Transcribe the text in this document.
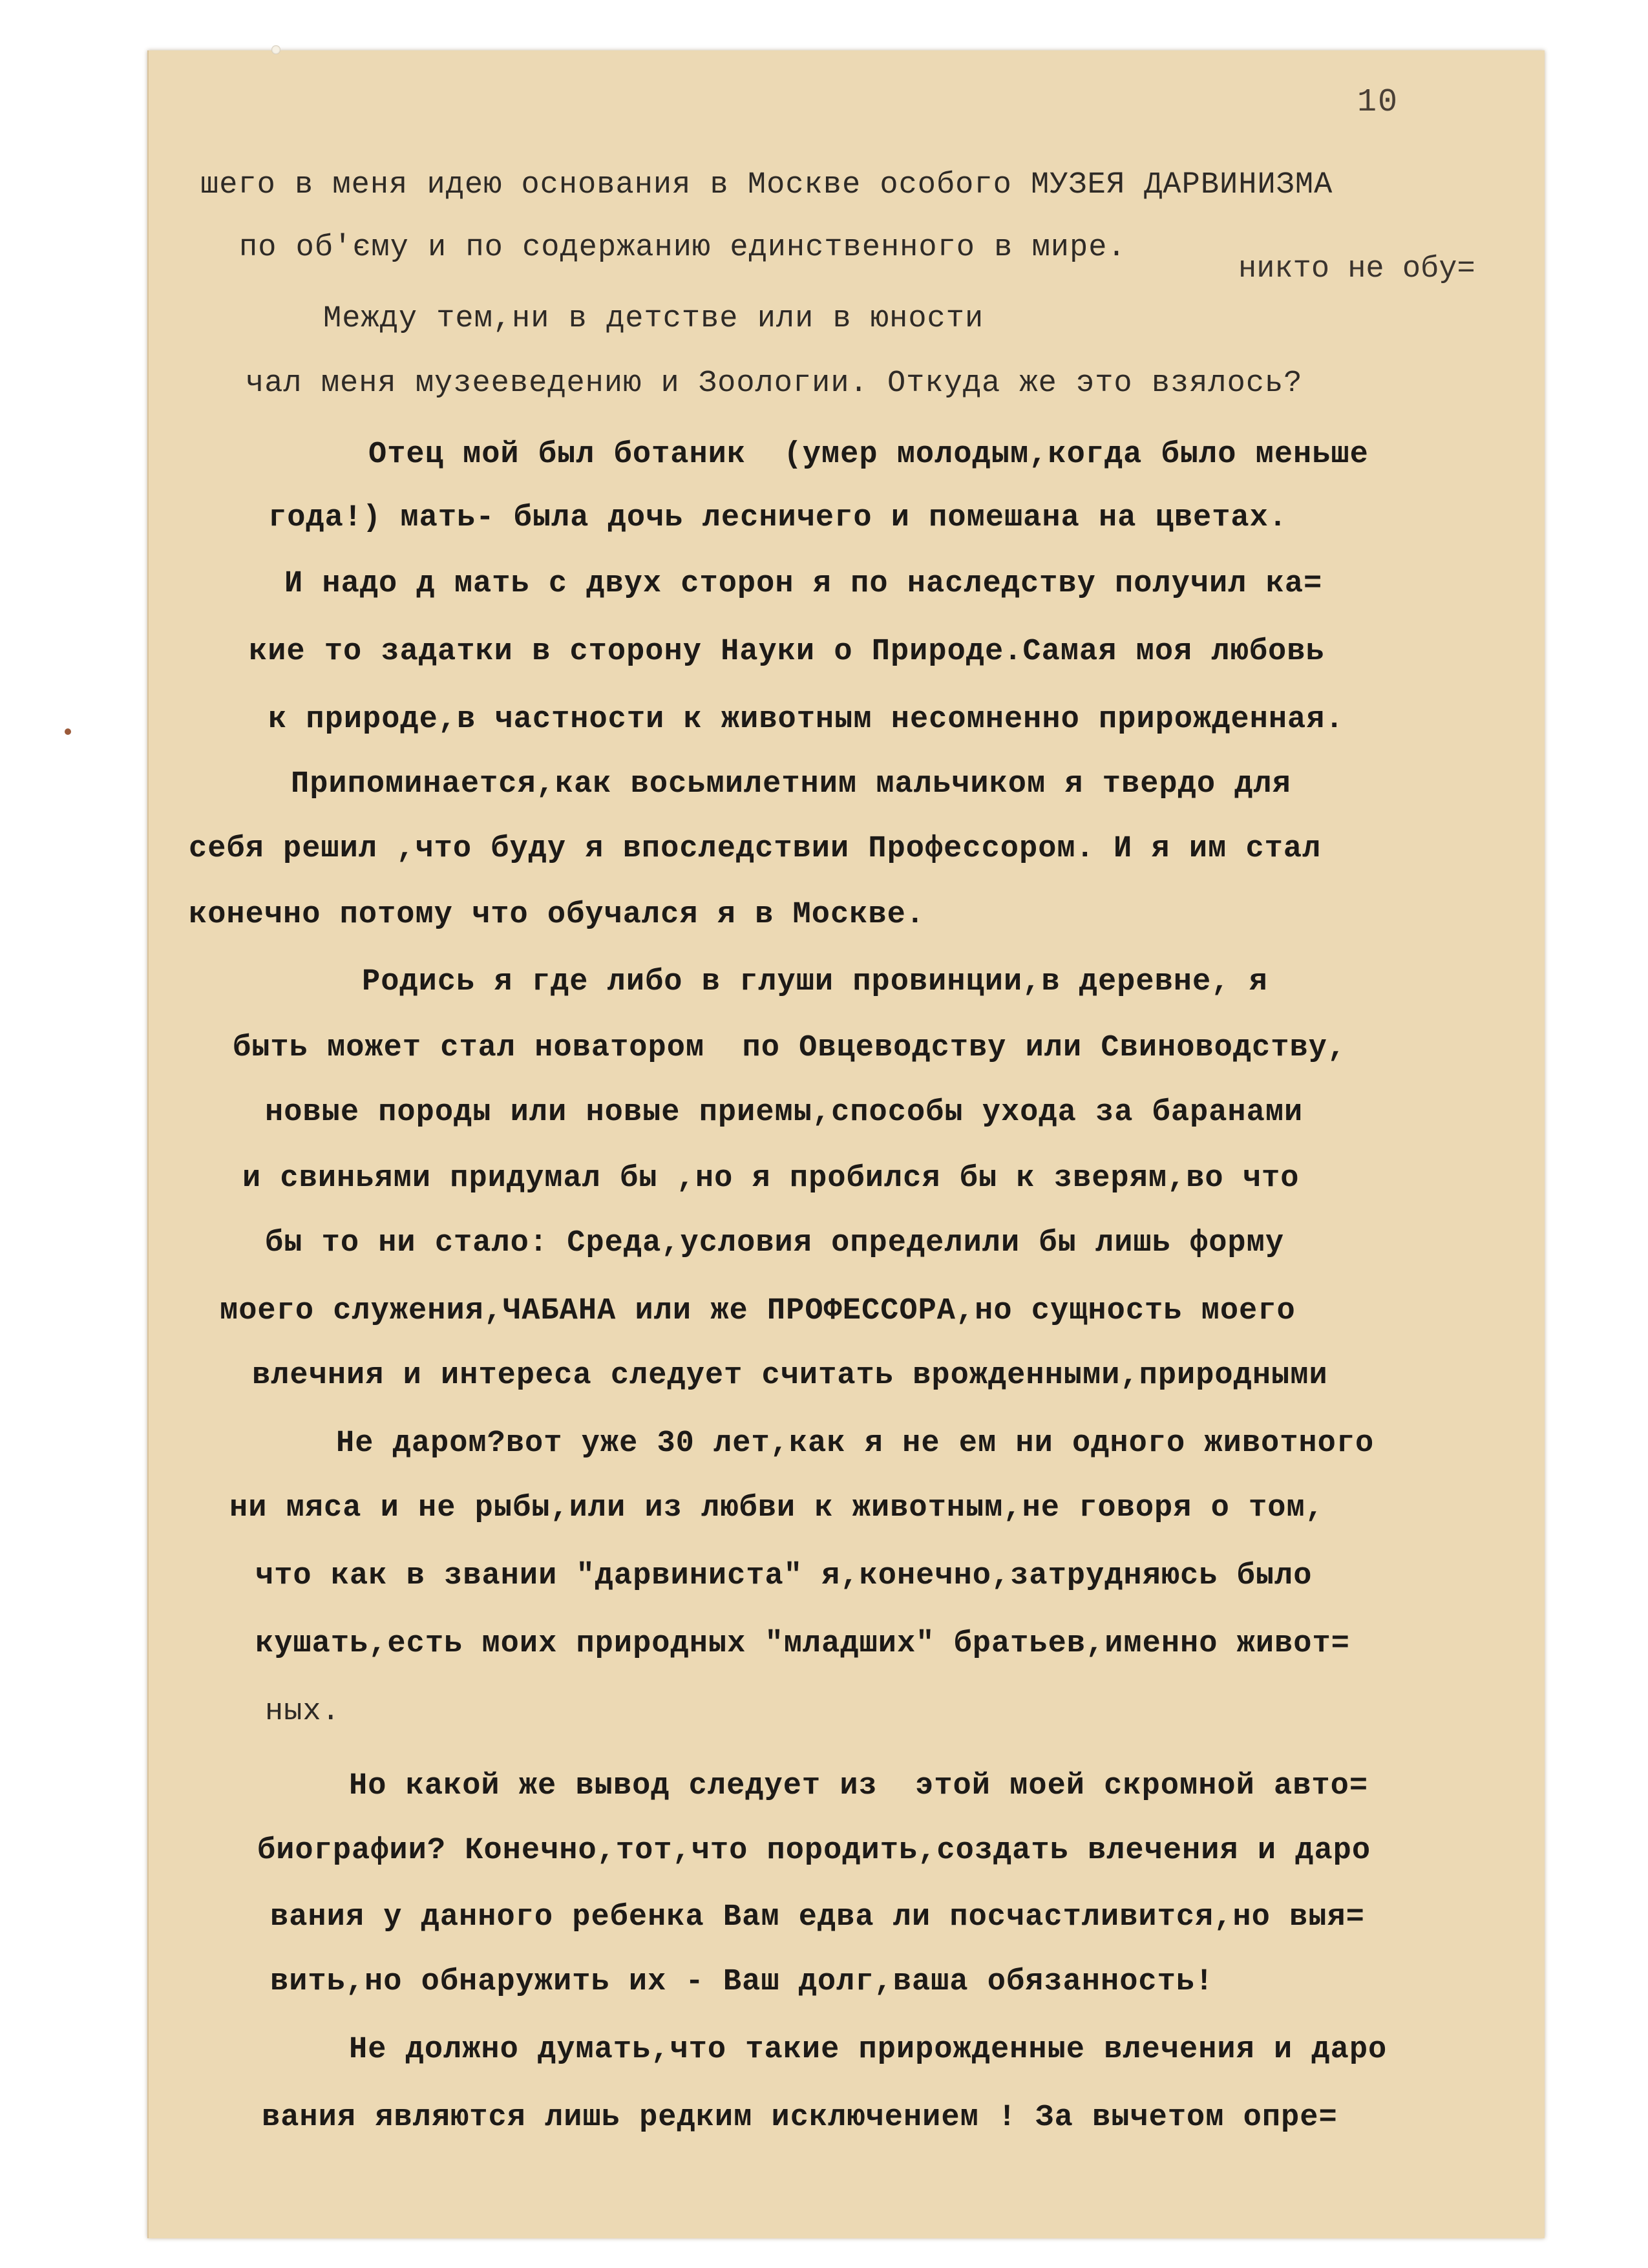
10
никто не обу=
шего в меня идею основания в Москве особого МУЗЕЯ ДАРВИНИЗМА
по об'єму и по содержанию единственного в мире.
Между тем,ни в детстве или в юности
чал меня музееведению и Зоологии. Откуда же это взялось?
Отец мой был ботаник  (умер молодым,когда было меньше
года!) мать- была дочь лесничего и помешана на цветах.
И надо д мать с двух сторон я по наследству получил ка=
кие то задатки в сторону Науки о Природе.Самая моя любовь
к природе,в частности к животным несомненно прирожденная.
Припоминается,как восьмилетним мальчиком я твердо для
себя решил ,что буду я впоследствии Профессором. И я им стал
конечно потому что обучался я в Москве.
Родись я где либо в глуши провинции,в деревне, я
быть может стал новатором  по Овцеводству или Свиноводству,
новые породы или новые приемы,способы ухода за баранами
и свиньями придумал бы ,но я пробился бы к зверям,во что
бы то ни стало: Среда,условия определили бы лишь форму
моего служения,ЧАБАНА или же ПРОФЕССОРА,но сущность моего
влечния и интереса следует считать врожденными,природными
Не даром?вот уже 30 лет,как я не ем ни одного животного
ни мяса и не рыбы,или из любви к животным,не говоря о том,
что как в звании "дарвиниста" я,конечно,затрудняюсь было
кушать,есть моих природных "младших" братьев,именно живот=
ных.
Но какой же вывод следует из  этой моей скромной авто=
биографии? Конечно,тот,что породить,создать влечения и даро
вания у данного ребенка Вам едва ли посчастливится,но выя=
вить,но обнаружить их - Ваш долг,ваша обязанность!
Не должно думать,что такие прирожденные влечения и даро
вания являются лишь редким исключением ! За вычетом опре=
